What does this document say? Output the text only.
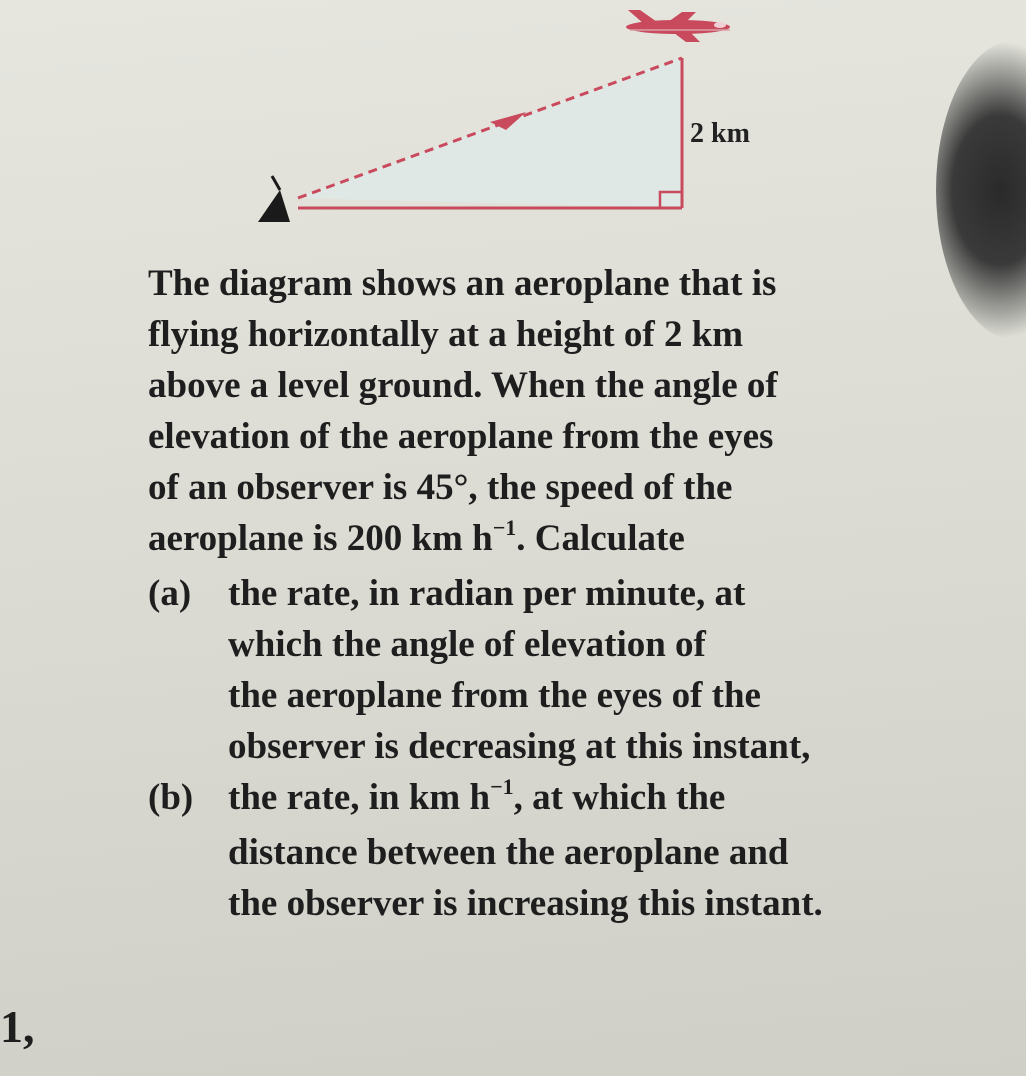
2 km
The diagram shows an aeroplane that is
flying horizontally at a height of 2 km
above a level ground. When the angle of
elevation of the aeroplane from the eyes
of an observer is 45°, the speed of the
aeroplane is 200 km $h^{-1}$. Calculate
(a) the rate, in radian per minute, at
which the angle of elevation of
the aeroplane from the eyes of the
observer is decreasing at this instant,
(b) the rate, in km $h^{-1}$, at which the
distance between the aeroplane and
the observer is increasing this instant.
1,
